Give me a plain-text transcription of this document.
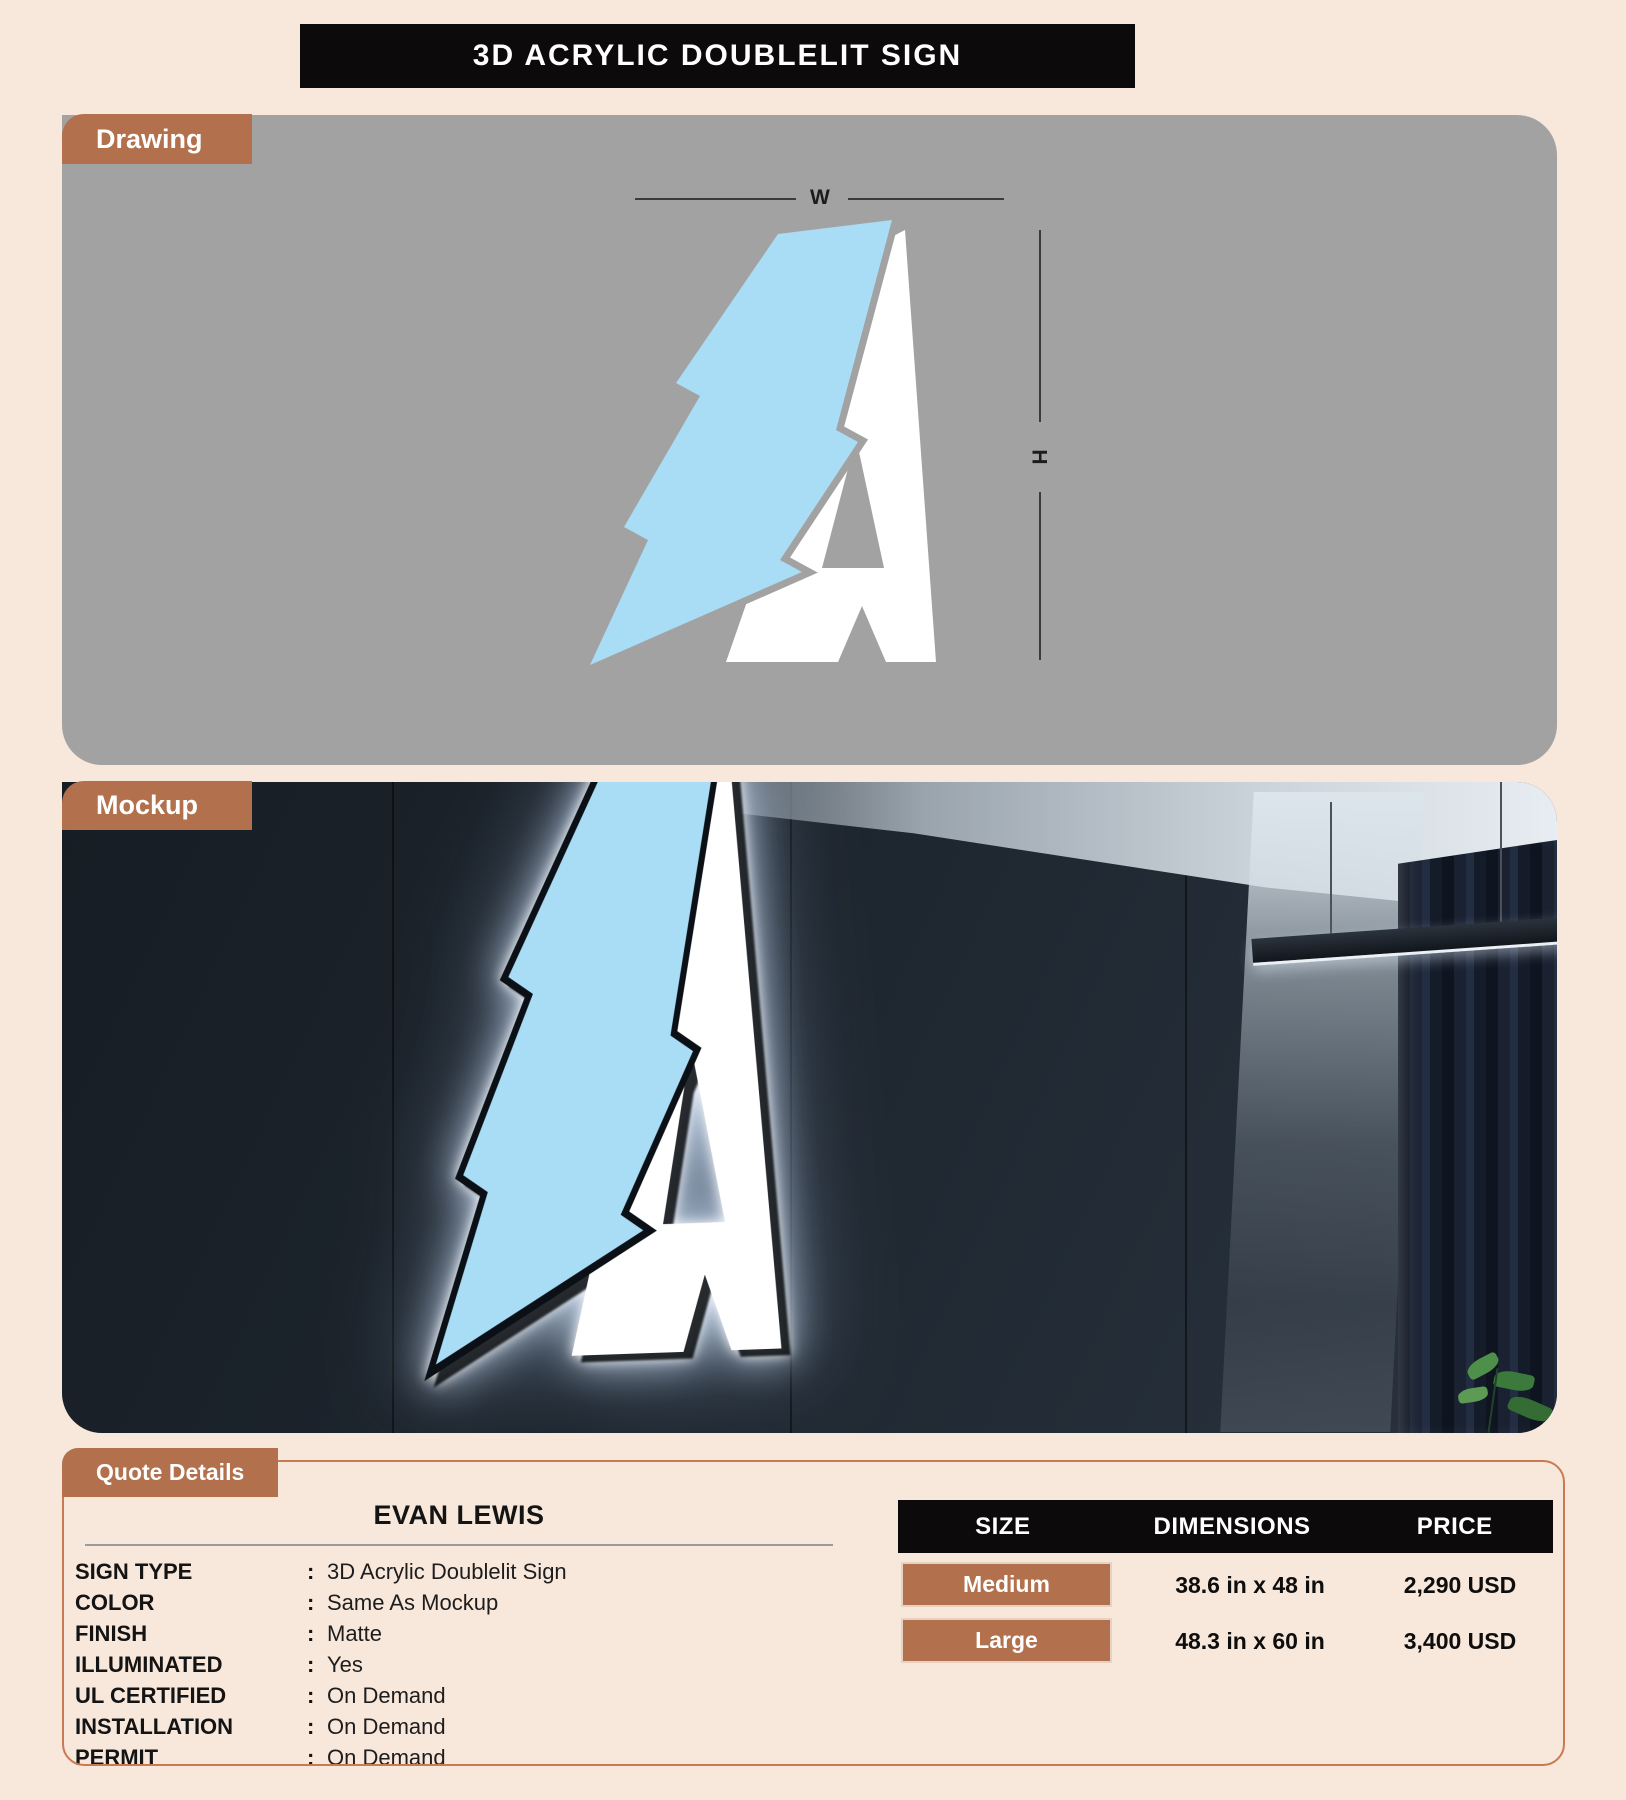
3D ACRYLIC DOUBLELIT SIGN
W
H
Drawing
Mockup
Quote Details
EVAN LEWIS
SIGN TYPE	: 3D Acrylic Doublelit Sign
COLOR	: Same As Mockup
FINISH	: Matte
ILLUMINATED	: Yes
UL CERTIFIED	: On Demand
INSTALLATION	: On Demand
PERMIT	: On Demand
SIZE	DIMENSIONS	PRICE
Medium	38.6 in x 48 in	2,290 USD
Large	48.3 in x 60 in	3,400 USD
